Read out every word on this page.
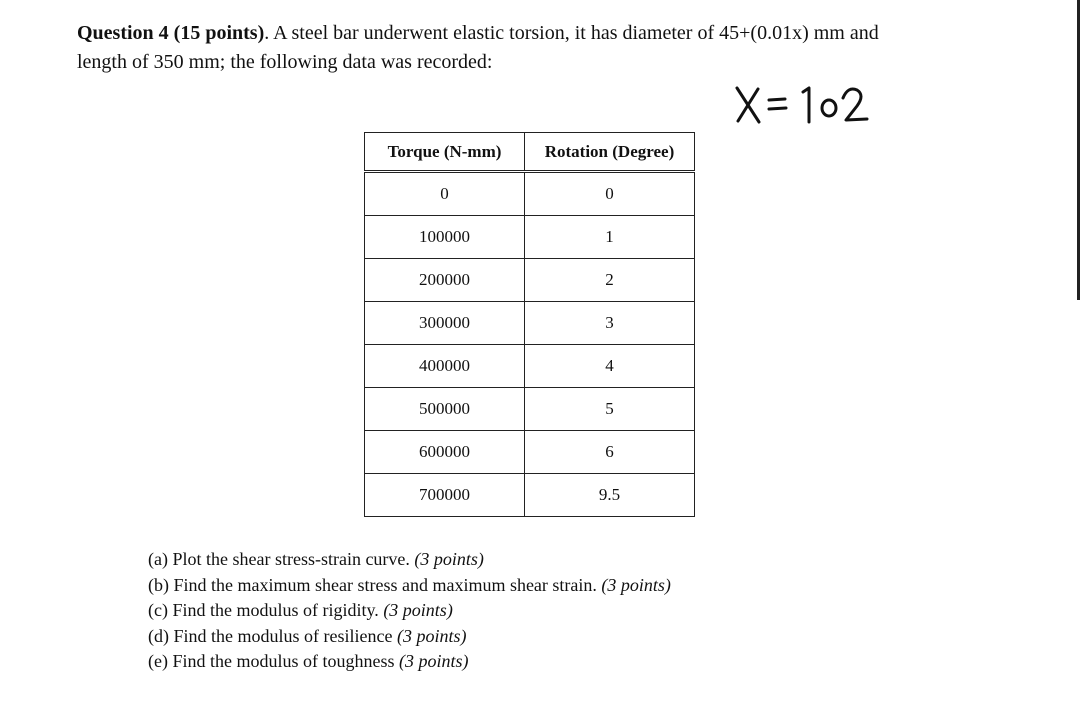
Question 4 (15 points). A steel bar underwent elastic torsion, it has diameter of 45+(0.01x) mm and
length of 350 mm; the following data was recorded:
Torque (N-mm)	Rotation (Degree)
0	0
100000	1
200000	2
300000	3
400000	4
500000	5
600000	6
700000	9.5
(a) Plot the shear stress-strain curve. (3 points)
(b) Find the maximum shear stress and maximum shear strain. (3 points)
(c) Find the modulus of rigidity. (3 points)
(d) Find the modulus of resilience (3 points)
(e) Find the modulus of toughness (3 points)
